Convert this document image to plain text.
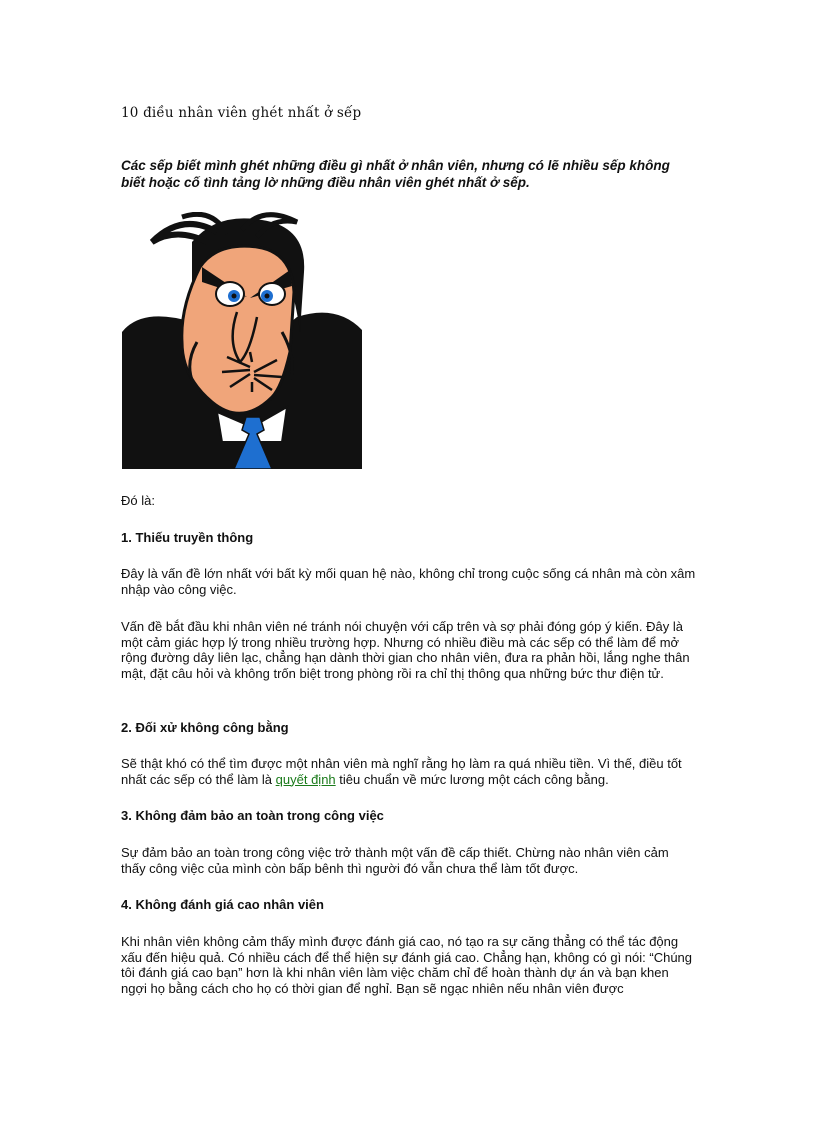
10 điều nhân viên ghét nhất ở sếp

Các sếp biết mình ghét những điều gì nhất ở nhân viên, nhưng có lẽ nhiều sếp không biết hoặc cố tình tảng lờ những điều nhân viên ghét nhất ở sếp.

Đó là:

1. Thiếu truyền thông

Đây là vấn đề lớn nhất với bất kỳ mối quan hệ nào, không chỉ trong cuộc sống cá nhân mà còn xâm nhập vào công việc.

Vấn đề bắt đầu khi nhân viên né tránh nói chuyện với cấp trên và sợ phải đóng góp ý kiến. Đây là một cảm giác hợp lý trong nhiều trường hợp. Nhưng có nhiều điều mà các sếp có thể làm để mở rộng đường dây liên lạc, chẳng hạn dành thời gian cho nhân viên, đưa ra phản hồi, lắng nghe thân mật, đặt câu hỏi và không trốn biệt trong phòng rồi ra chỉ thị thông qua những bức thư điện tử.

2. Đối xử không công bằng

Sẽ thật khó có thể tìm được một nhân viên mà nghĩ rằng họ làm ra quá nhiều tiền. Vì thế, điều tốt nhất các sếp có thể làm là quyết định tiêu chuẩn về mức lương một cách công bằng.

3. Không đảm bảo an toàn trong công việc

Sự đảm bảo an toàn trong công việc trở thành một vấn đề cấp thiết. Chừng nào nhân viên cảm thấy công việc của mình còn bấp bênh thì người đó vẫn chưa thể làm tốt được.

4. Không đánh giá cao nhân viên

Khi nhân viên không cảm thấy mình được đánh giá cao, nó tạo ra sự căng thẳng có thể tác động xấu đến hiệu quả. Có nhiều cách để thể hiện sự đánh giá cao. Chẳng hạn, không có gì nói: “Chúng tôi đánh giá cao bạn” hơn là khi nhân viên làm việc chăm chỉ để hoàn thành dự án và bạn khen ngợi họ bằng cách cho họ có thời gian để nghỉ. Bạn sẽ ngạc nhiên nếu nhân viên được
